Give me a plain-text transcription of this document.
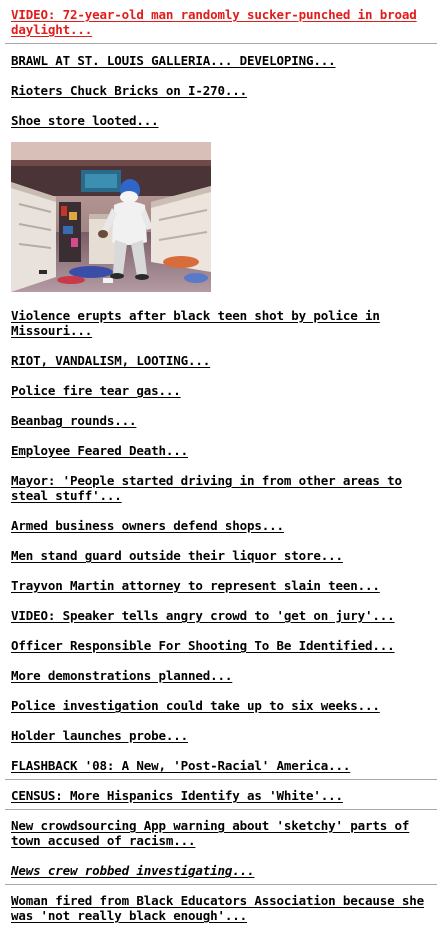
VIDEO: 72-year-old man randomly sucker-punched in broad daylight...
BRAWL AT ST. LOUIS GALLERIA... DEVELOPING...
Rioters Chuck Bricks on I-270...
Shoe store looted...
Violence erupts after black teen shot by police in Missouri...
RIOT, VANDALISM, LOOTING...
Police fire tear gas...
Beanbag rounds...
Employee Feared Death...
Mayor: 'People started driving in from other areas to steal stuff'...
Armed business owners defend shops...
Men stand guard outside their liquor store...
Trayvon Martin attorney to represent slain teen...
VIDEO: Speaker tells angry crowd to 'get on jury'...
Officer Responsible For Shooting To Be Identified...
More demonstrations planned...
Police investigation could take up to six weeks...
Holder launches probe...
FLASHBACK '08: A New, 'Post-Racial' America...
CENSUS: More Hispanics Identify as 'White'...
New crowdsourcing App warning about 'sketchy' parts of town accused of racism...
News crew robbed investigating...
Woman fired from Black Educators Association because she was 'not really black enough'...
